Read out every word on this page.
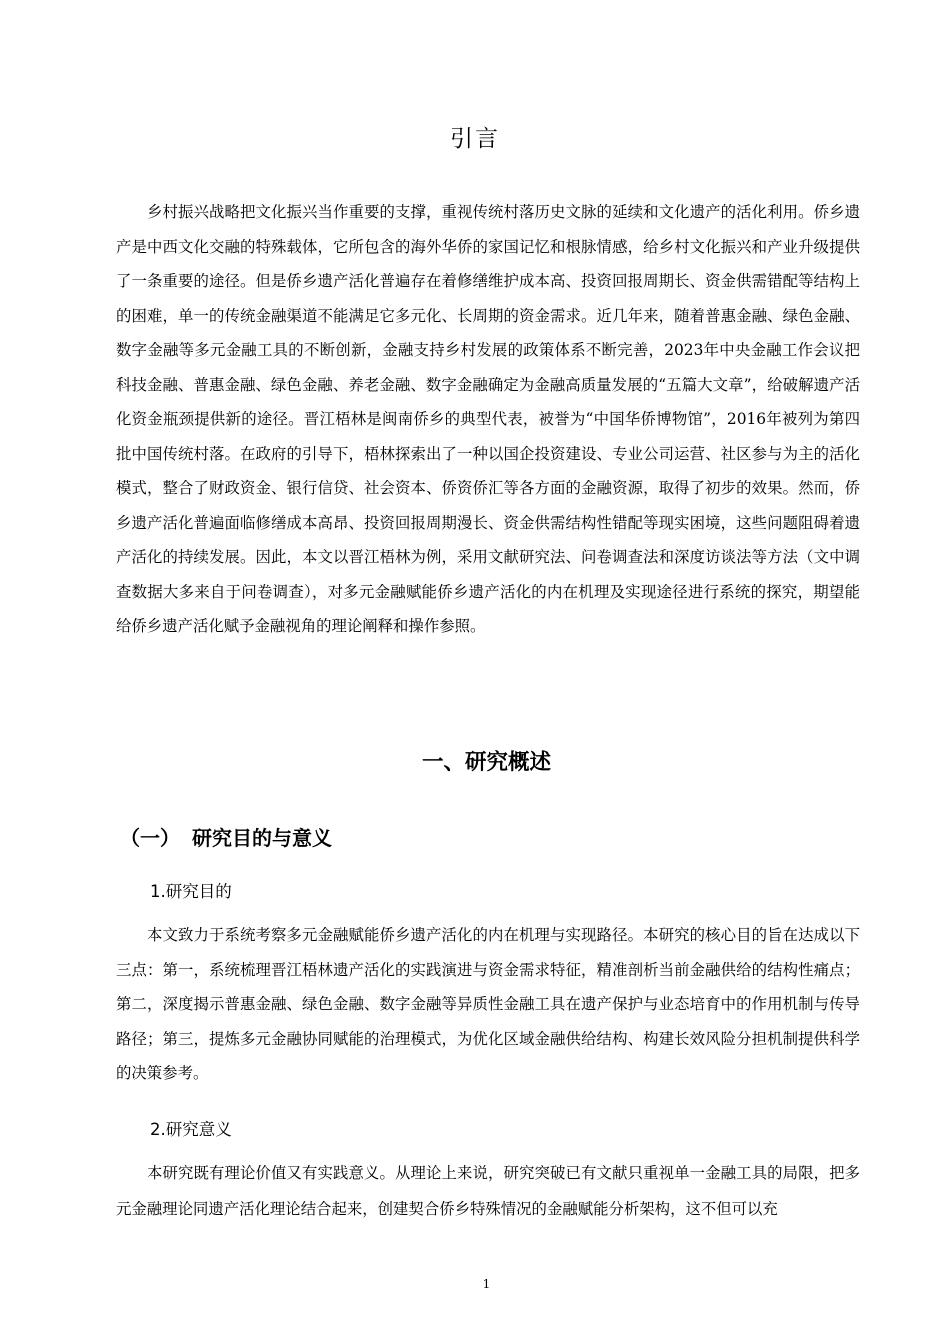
引言

乡村振兴战略把文化振兴当作重要的支撑，重视传统村落历史文脉的延续和文化遗产的活化利用。侨乡遗产是中西文化交融的特殊载体，它所包含的海外华侨的家国记忆和根脉情感，给乡村文化振兴和产业升级提供了一条重要的途径。但是侨乡遗产活化普遍存在着修缮维护成本高、投资回报周期长、资金供需错配等结构上的困难，单一的传统金融渠道不能满足它多元化、长周期的资金需求。近几年来，随着普惠金融、绿色金融、数字金融等多元金融工具的不断创新，金融支持乡村发展的政策体系不断完善，2023年中央金融工作会议把科技金融、普惠金融、绿色金融、养老金融、数字金融确定为金融高质量发展的“五篇大文章”，给破解遗产活化资金瓶颈提供新的途径。晋江梧林是闽南侨乡的典型代表，被誉为“中国华侨博物馆”，2016年被列为第四批中国传统村落。在政府的引导下，梧林探索出了一种以国企投资建设、专业公司运营、社区参与为主的活化模式，整合了财政资金、银行信贷、社会资本、侨资侨汇等各方面的金融资源，取得了初步的效果。然而，侨乡遗产活化普遍面临修缮成本高昂、投资回报周期漫长、资金供需结构性错配等现实困境，这些问题阻碍着遗产活化的持续发展。因此，本文以晋江梧林为例，采用文献研究法、问卷调查法和深度访谈法等方法（文中调查数据大多来自于问卷调查），对多元金融赋能侨乡遗产活化的内在机理及实现途径进行系统的探究，期望能给侨乡遗产活化赋予金融视角的理论阐释和操作参照。

一、研究概述
（一） 研究目的与意义
1.研究目的

本文致力于系统考察多元金融赋能侨乡遗产活化的内在机理与实现路径。本研究的核心目的旨在达成以下三点：第一，系统梳理晋江梧林遗产活化的实践演进与资金需求特征，精准剖析当前金融供给的结构性痛点；第二，深度揭示普惠金融、绿色金融、数字金融等异质性金融工具在遗产保护与业态培育中的作用机制与传导路径；第三，提炼多元金融协同赋能的治理模式，为优化区域金融供给结构、构建长效风险分担机制提供科学的决策参考。

2.研究意义

本研究既有理论价值又有实践意义。从理论上来说，研究突破已有文献只重视单一金融工具的局限，把多元金融理论同遗产活化理论结合起来，创建契合侨乡特殊情况的金融赋能分析架构，这不但可以充

1
